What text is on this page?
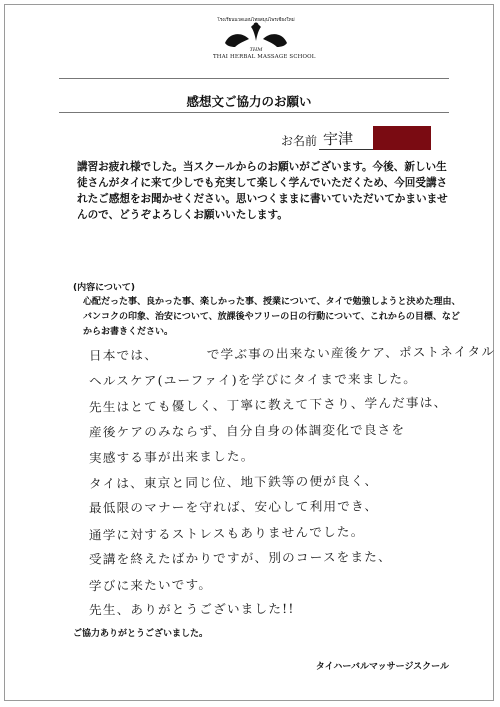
โรงเรียนนวดแผนไทยสมุนไพรเชียงใหม่
THM
THAI HERBAL MASSAGE SCHOOL
感想文ご協力のお願い
お名前 宇津

講習お疲れ様でした。当スクールからのお願いがございます。今後、新しい生徒さんがタイに来て少しでも充実して楽しく学んでいただくため、今回受講されたご感想をお聞かせください。思いつくままに書いていただいてかまいませんので、どうぞよろしくお願いいたします。

(内容について)
心配だった事、良かった事、楽しかった事、授業について、タイで勉強しようと決めた理由、バンコクの印象、治安について、放課後やフリーの日の行動について、これからの目標、などからお書きください。
日本では、　　　　で学ぶ事の出来ない産後ケア、ポストネイタル
ヘルスケア(ユーファイ)を学びにタイまで来ました。
先生はとても優しく、丁寧に教えて下さり、学んだ事は、
産後ケアのみならず、自分自身の体調変化で良さを
実感する事が出来ました。
タイは、東京と同じ位、地下鉄等の便が良く、
最低限のマナーを守れば、安心して利用でき、
通学に対するストレスもありませんでした。
受講を終えたばかりですが、別のコースをまた、
学びに来たいです。
先生、ありがとうございました!!
ご協力ありがとうございました。
タイハーバルマッサージスクール
